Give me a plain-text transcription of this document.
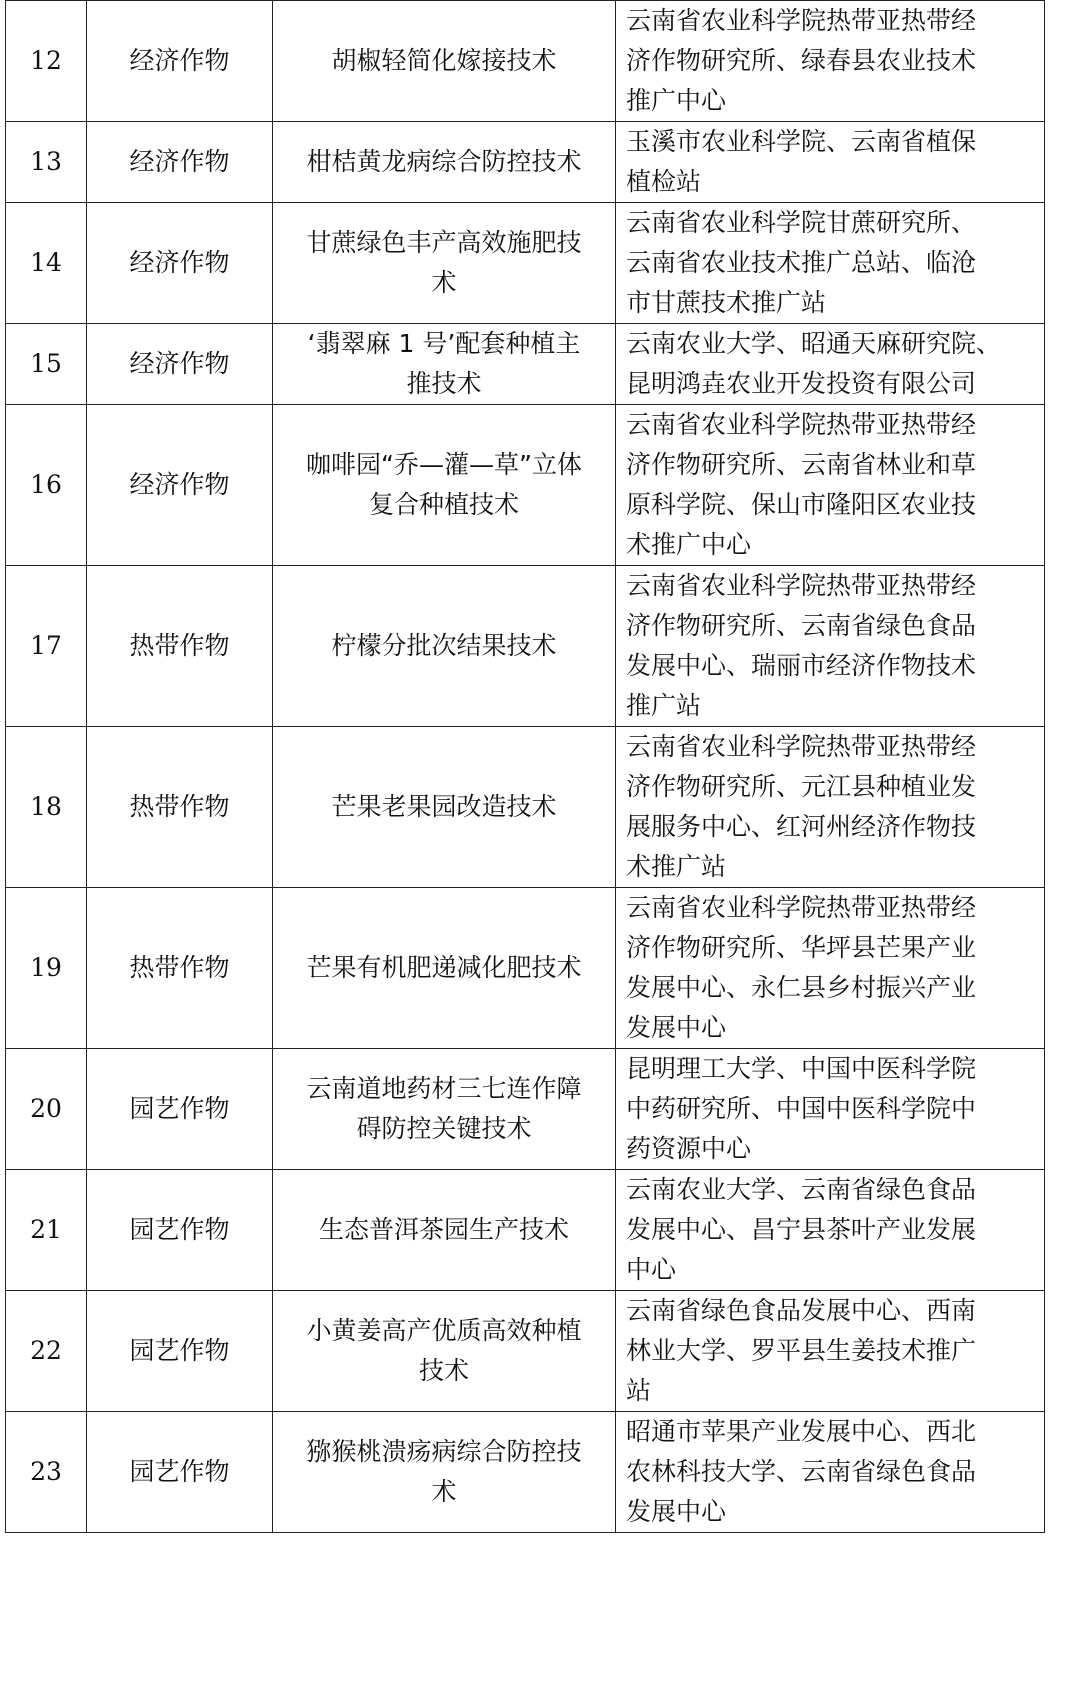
12	经济作物	胡椒轻简化嫁接技术	云南省农业科学院热带亚热带经
济作物研究所、绿春县农业技术
推广中心

13	经济作物	柑桔黄龙病综合防控技术	玉溪市农业科学院、云南省植保
植检站

14	经济作物	甘蔗绿色丰产高效施肥技
术	云南省农业科学院甘蔗研究所、
云南省农业技术推广总站、临沧
市甘蔗技术推广站

15	经济作物	‘翡翠麻 1 号’配套种植主
推技术	云南农业大学、昭通天麻研究院、
昆明鸿垚农业开发投资有限公司

16	经济作物	咖啡园“乔—灌—草”立体
复合种植技术	云南省农业科学院热带亚热带经
济作物研究所、云南省林业和草
原科学院、保山市隆阳区农业技
术推广中心

17	热带作物	柠檬分批次结果技术	云南省农业科学院热带亚热带经
济作物研究所、云南省绿色食品
发展中心、瑞丽市经济作物技术
推广站

18	热带作物	芒果老果园改造技术	云南省农业科学院热带亚热带经
济作物研究所、元江县种植业发
展服务中心、红河州经济作物技
术推广站

19	热带作物	芒果有机肥递减化肥技术	云南省农业科学院热带亚热带经
济作物研究所、华坪县芒果产业
发展中心、永仁县乡村振兴产业
发展中心

20	园艺作物	云南道地药材三七连作障
碍防控关键技术	昆明理工大学、中国中医科学院
中药研究所、中国中医科学院中
药资源中心

21	园艺作物	生态普洱茶园生产技术	云南农业大学、云南省绿色食品
发展中心、昌宁县茶叶产业发展
中心

22	园艺作物	小黄姜高产优质高效种植
技术	云南省绿色食品发展中心、西南
林业大学、罗平县生姜技术推广
站

23	园艺作物	猕猴桃溃疡病综合防控技
术	昭通市苹果产业发展中心、西北
农林科技大学、云南省绿色食品
发展中心
